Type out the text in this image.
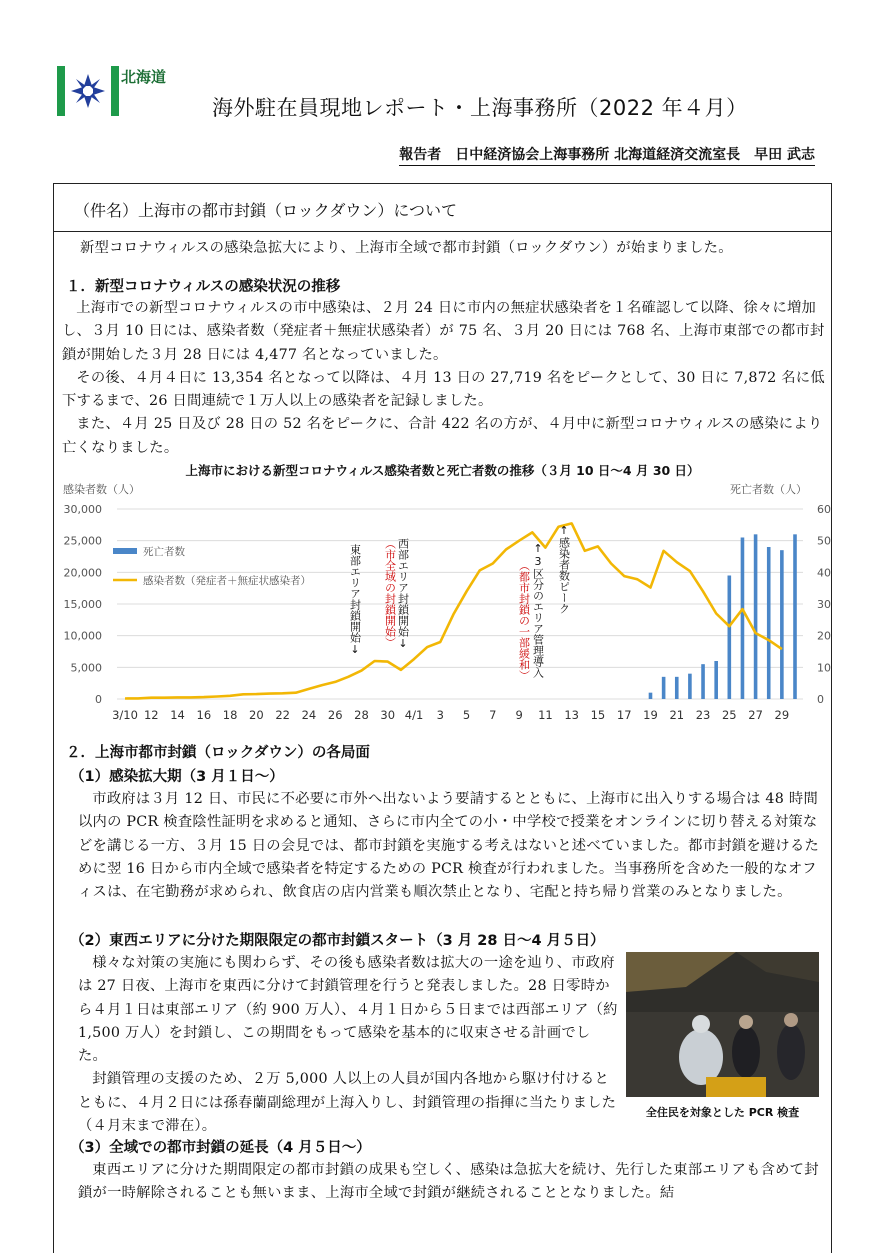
北海道
海外駐在員現地レポート・上海事務所（2022 年４月）
報告者　日中経済協会上海事務所 北海道経済交流室長　早田 武志
（件名）上海市の都市封鎖（ロックダウン）について
新型コロナウィルスの感染急拡大により、上海市全域で都市封鎖（ロックダウン）が始まりました。
１．新型コロナウィルスの感染状況の推移
上海市での新型コロナウィルスの市中感染は、２月 24 日に市内の無症状感染者を１名確認して以降、徐々に増加し、３月 10 日には、感染者数（発症者＋無症状感染者）が 75 名、３月 20 日には 768 名、上海市東部での都市封鎖が開始した３月 28 日には 4,477 名となっていました。
その後、４月４日に 13,354 名となって以降は、４月 13 日の 27,719 名をピークとして、30 日に 7,872 名に低下するまで、26 日間連続で１万人以上の感染者を記録しました。
また、４月 25 日及び 28 日の 52 名をピークに、合計 422 名の方が、４月中に新型コロナウィルスの感染により亡くなりました。
上海市における新型コロナウィルス感染者数と死亡者数の推移（３月 10 日～4 月 30 日）
30,000
25,000
20,000
15,000
10,000
5,000
0
60
50
40
30
20
10
0
感染者数（人）	死亡者数（人）
3/10 12 14 16 18 20 22 24 26 28 30 4/1 3 5 7 9 11 13 15 17 19 21 23 25 27 29
死亡者数
感染者数（発症者＋無症状感染者）	東部エリア封鎖開始↓	西部エリア封鎖開始↓
（市全域の封鎖開始）	↑3区分のエリア管理導入
（都市封鎖の一部緩和） ↑感染者数ピーク
２．上海市都市封鎖（ロックダウン）の各局面
（1）感染拡大期（3 月１日～）
市政府は３月 12 日、市民に不必要に市外へ出ないよう要請するとともに、上海市に出入りする場合は 48 時間以内の PCR 検査陰性証明を求めると通知、さらに市内全ての小・中学校で授業をオンラインに切り替える対策などを講じる一方、３月 15 日の会見では、都市封鎖を実施する考えはないと述べていました。都市封鎖を避けるために翌 16 日から市内全域で感染者を特定するための PCR 検査が行われました。当事務所を含めた一般的なオフィスは、在宅勤務が求められ、飲食店の店内営業も順次禁止となり、宅配と持ち帰り営業のみとなりました。
（2）東西エリアに分けた期限限定の都市封鎖スタート（3 月 28 日～4 月５日）
様々な対策の実施にも関わらず、その後も感染者数は拡大の一途を辿り、市政府は 27 日夜、上海市を東西に分けて封鎖管理を行うと発表しました。28 日零時から４月１日は東部エリア（約 900 万人）、４月１日から５日までは西部エリア（約 1,500 万人）を封鎖し、この期間をもって感染を基本的に収束させる計画でした。
封鎖管理の支援のため、２万 5,000 人以上の人員が国内各地から駆け付けるとともに、４月２日には孫春蘭副総理が上海入りし、封鎖管理の指揮に当たりました（４月末まで滞在）。
全住民を対象とした PCR 検査
（3）全域での都市封鎖の延長（4 月５日～）
東西エリアに分けた期間限定の都市封鎖の成果も空しく、感染は急拡大を続け、先行した東部エリアも含めて封鎖が一時解除されることも無いまま、上海市全域で封鎖が継続されることとなりました。結
